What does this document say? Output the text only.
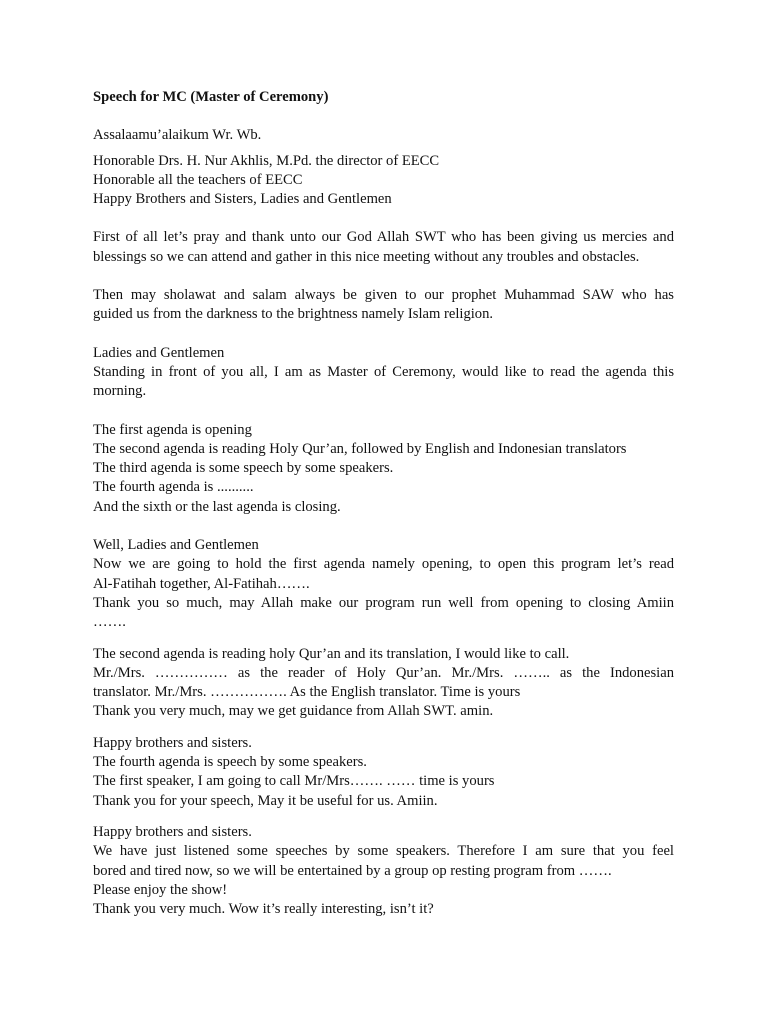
Speech for MC (Master of Ceremony)
Assalaamu’alaikum Wr. Wb.
Honorable Drs. H. Nur Akhlis, M.Pd. the director of EECC
Honorable all the teachers of EECC
Happy Brothers and Sisters, Ladies and Gentlemen
First of all let’s pray and thank unto our God Allah SWT who has been giving us mercies and
blessings so we can attend and gather in this nice meeting without any troubles and obstacles.
Then may sholawat and salam always be given to our prophet Muhammad SAW who has
guided us from the darkness to the brightness namely Islam religion.
Ladies and Gentlemen
Standing in front of you all, I am as Master of Ceremony, would like to read the agenda this
morning.
The first agenda is opening
The second agenda is reading Holy Qur’an, followed by English and Indonesian translators
The third agenda is some speech by some speakers.
The fourth agenda is ..........
And the sixth or the last agenda is closing.
Well, Ladies and Gentlemen
Now we are going to hold the first agenda namely opening, to open this program let’s read
Al-Fatihah together, Al-Fatihah…….
Thank you so much, may Allah make our program run well from opening to closing Amiin
…….
The second agenda is reading holy Qur’an and its translation, I would like to call.
Mr./Mrs. …………… as the reader of Holy Qur’an. Mr./Mrs. …….. as the Indonesian
translator. Mr./Mrs. ……………. As the English translator. Time is yours
Thank you very much, may we get guidance from Allah SWT. amin.
Happy brothers and sisters.
The fourth agenda is speech by some speakers.
The first speaker, I am going to call Mr/Mrs……. …… time is yours
Thank you for your speech, May it be useful for us. Amiin.
Happy brothers and sisters.
We have just listened some speeches by some speakers. Therefore I am sure that you feel
bored and tired now, so we will be entertained by a group op resting program from …….
Please enjoy the show!
Thank you very much. Wow it’s really interesting, isn’t it?
